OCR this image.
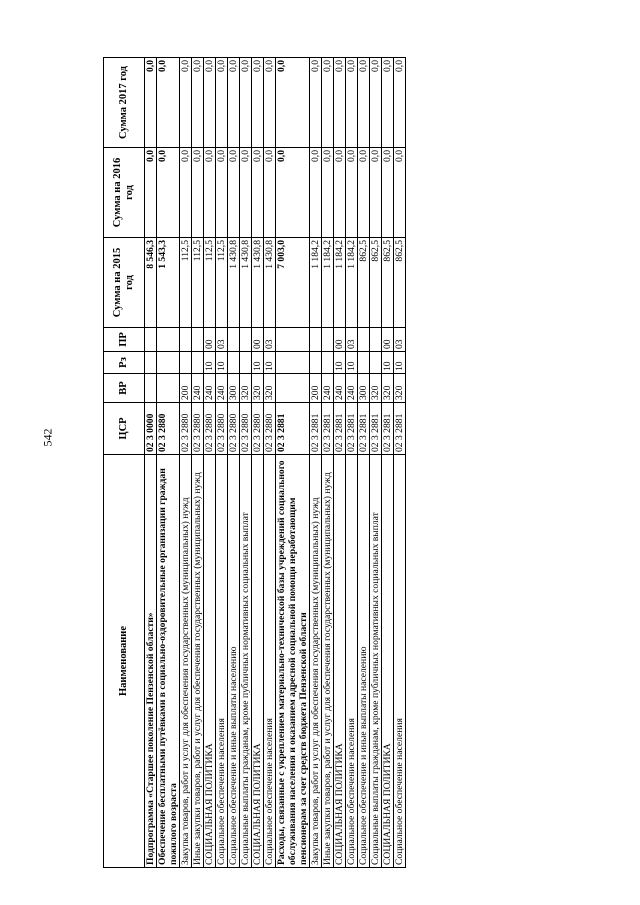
542
Наименование	ЦСР	ВР	Рз	ПР	Сумма на 2015 год	Сумма на 2016 год	Сумма 2017 год
Подпрограмма «Старшее поколение Пензенской области»	02 3 0000				8 546,3	0,0	0,0
Обеспечение бесплатными путёвками в социально-оздоровительные организации граждан пожилого возраста	02 3 2880				1 543,3	0,0	0,0
Закупка товаров, работ и услуг для обеспечения государственных (муниципальных) нужд	02 3 2880	200			112,5	0,0	0,0
Иные закупки товаров, работ и услуг для обеспечения государственных (муниципальных) нужд	02 3 2880	240			112,5	0,0	0,0
СОЦИАЛЬНАЯ ПОЛИТИКА	02 3 2880	240	10	00	112,5	0,0	0,0
Социальное обеспечение населения	02 3 2880	240	10	03	112,5	0,0	0,0
Социальное обеспечение и иные выплаты населению	02 3 2880	300			1 430,8	0,0	0,0
Социальные выплаты гражданам, кроме публичных нормативных социальных выплат	02 3 2880	320			1 430,8	0,0	0,0
СОЦИАЛЬНАЯ ПОЛИТИКА	02 3 2880	320	10	00	1 430,8	0,0	0,0
Социальное обеспечение населения	02 3 2880	320	10	03	1 430,8	0,0	0,0
Расходы, связанные с укреплением материально-технической базы учреждений социального обслуживания населения и оказанием адресной социальной помощи неработающим пенсионерам за счет средств бюджета Пензенской области	02 3 2881				7 003,0	0,0	0,0
Закупка товаров, работ и услуг для обеспечения государственных (муниципальных) нужд	02 3 2881	200			1 184,2	0,0	0,0
Иные закупки товаров, работ и услуг для обеспечения государственных (муниципальных) нужд	02 3 2881	240			1 184,2	0,0	0,0
СОЦИАЛЬНАЯ ПОЛИТИКА	02 3 2881	240	10	00	1 184,2	0,0	0,0
Социальное обеспечение населения	02 3 2881	240	10	03	1 184,2	0,0	0,0
Социальное обеспечение и иные выплаты населению	02 3 2881	300			862,5	0,0	0,0
Социальные выплаты гражданам, кроме публичных нормативных социальных выплат	02 3 2881	320			862,5	0,0	0,0
СОЦИАЛЬНАЯ ПОЛИТИКА	02 3 2881	320	10	00	862,5	0,0	0,0
Социальное обеспечение населения	02 3 2881	320	10	03	862,5	0,0	0,0
